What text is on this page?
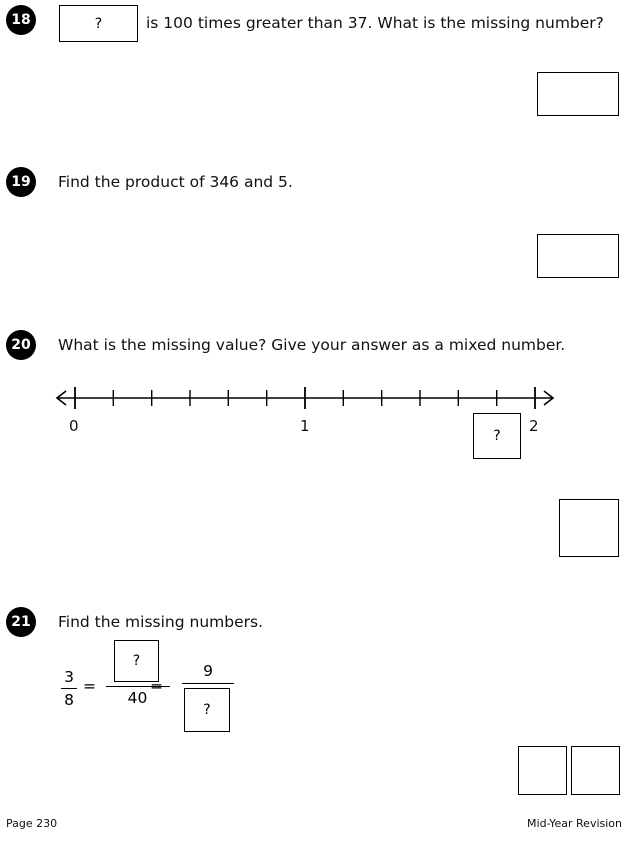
18	?	is 100 times greater than 37. What is the missing number?
19	Find the product of 346 and 5.
20	What is the missing value? Give your answer as a mixed number.
0	1	2
?
21	Find the missing numbers.
3
8
=
?
40
=
9
?
Page 230	Mid-Year Revision
